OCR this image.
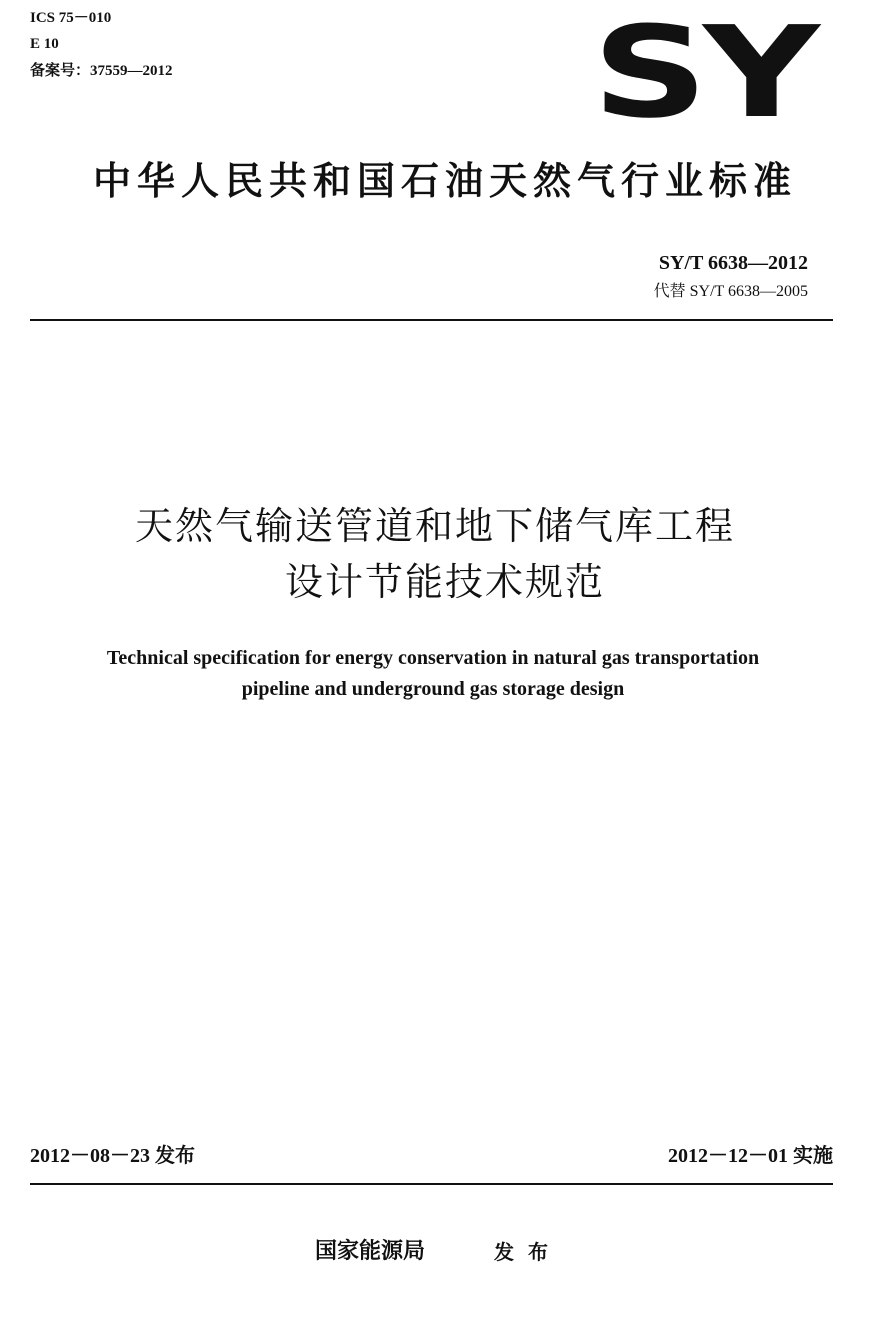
ICS 75－010
E 10
备案号：37559—2012	SY
中华人民共和国石油天然气行业标准
SY/T 6638—2012
代替 SY/T 6638—2005
天然气输送管道和地下储气库工程
设计节能技术规范
Technical specification for energy conservation in natural gas transportation
pipeline and underground gas storage design
2012－08－23 发布	2012－12－01 实施
国家能源局	发布
